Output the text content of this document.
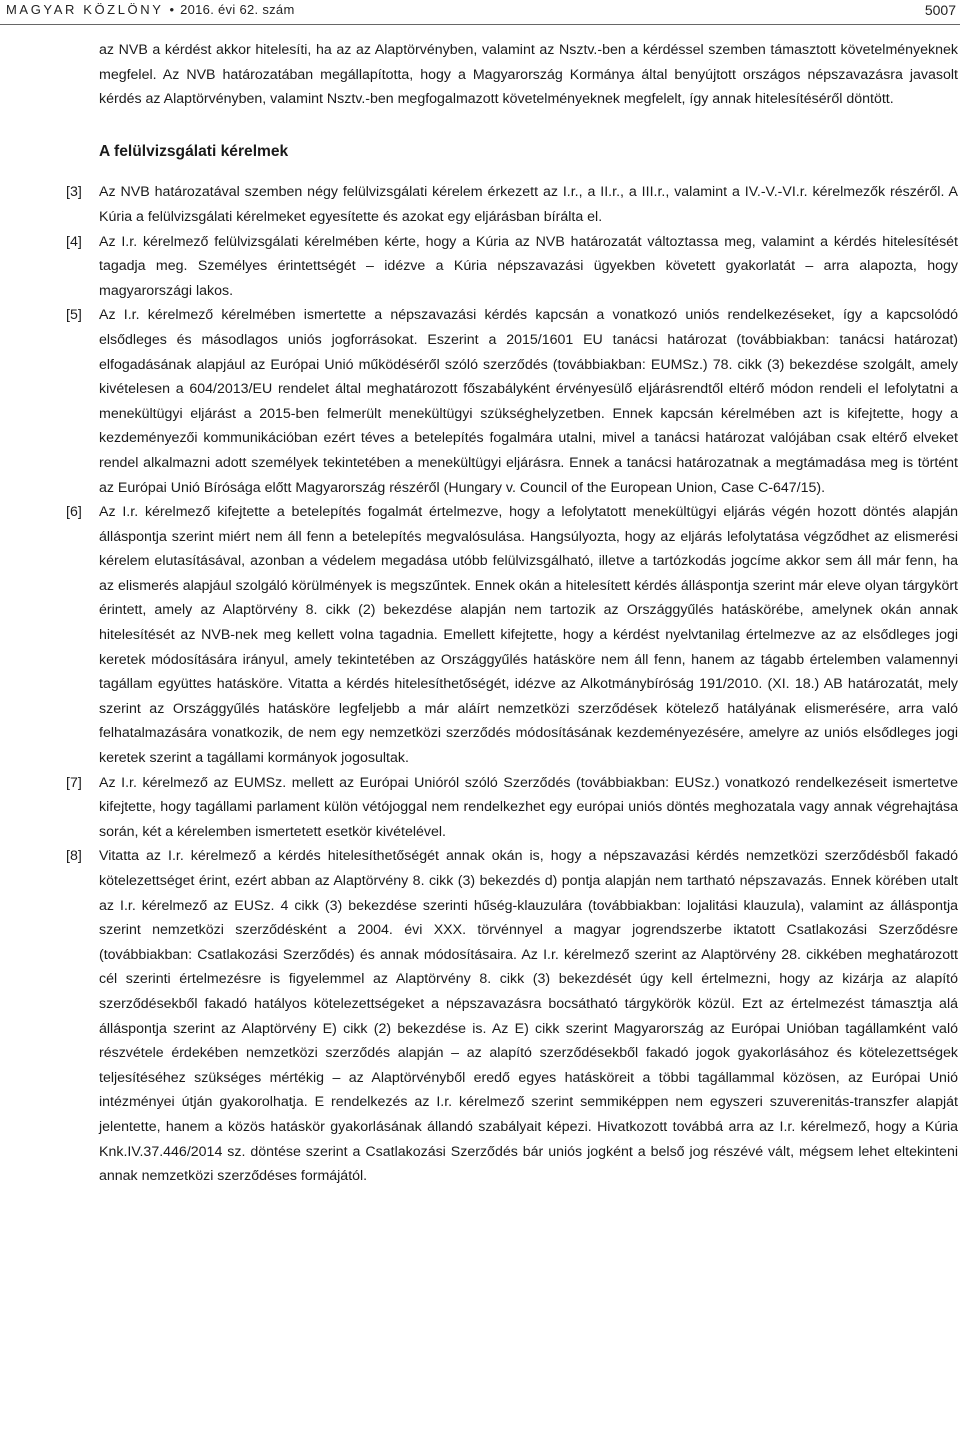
MAGYAR KÖZLÖNY • 2016. évi 62. szám	5007

az NVB a kérdést akkor hitelesíti, ha az az Alaptörvényben, valamint az Nsztv.-ben a kérdéssel szemben támasztott követelményeknek megfelel. Az NVB határozatában megállapította, hogy a Magyarország Kormánya által benyújtott országos népszavazásra javasolt kérdés az Alaptörvényben, valamint Nsztv.-ben megfogalmazott követelményeknek megfelelt, így annak hitelesítéséről döntött.

A felülvizsgálati kérelmek

[3] Az NVB határozatával szemben négy felülvizsgálati kérelem érkezett az I.r., a II.r., a III.r., valamint a IV.-V.-VI.r. kérelmezők részéről. A Kúria a felülvizsgálati kérelmeket egyesítette és azokat egy eljárásban bírálta el.

[4] Az I.r. kérelmező felülvizsgálati kérelmében kérte, hogy a Kúria az NVB határozatát változtassa meg, valamint a kérdés hitelesítését tagadja meg. Személyes érintettségét – idézve a Kúria népszavazási ügyekben követett gyakorlatát – arra alapozta, hogy magyarországi lakos.

[5] Az I.r. kérelmező kérelmében ismertette a népszavazási kérdés kapcsán a vonatkozó uniós rendelkezéseket, így a kapcsolódó elsődleges és másodlagos uniós jogforrásokat. Eszerint a 2015/1601 EU tanácsi határozat (továbbiakban: tanácsi határozat) elfogadásának alapjául az Európai Unió működéséről szóló szerződés (továbbiakban: EUMSz.) 78. cikk (3) bekezdése szolgált, amely kivételesen a 604/2013/EU rendelet által meghatározott főszabályként érvényesülő eljárásrendtől eltérő módon rendeli el lefolytatni a menekültügyi eljárást a 2015-ben felmerült menekültügyi szükséghelyzetben. Ennek kapcsán kérelmében azt is kifejtette, hogy a kezdeményezői kommunikációban ezért téves a betelepítés fogalmára utalni, mivel a tanácsi határozat valójában csak eltérő elveket rendel alkalmazni adott személyek tekintetében a menekültügyi eljárásra. Ennek a tanácsi határozatnak a megtámadása meg is történt az Európai Unió Bírósága előtt Magyarország részéről (Hungary v. Council of the European Union, Case C-647/15).

[6] Az I.r. kérelmező kifejtette a betelepítés fogalmát értelmezve, hogy a lefolytatott menekültügyi eljárás végén hozott döntés alapján álláspontja szerint miért nem áll fenn a betelepítés megvalósulása. Hangsúlyozta, hogy az eljárás lefolytatása végződhet az elismerési kérelem elutasításával, azonban a védelem megadása utóbb felülvizsgálható, illetve a tartózkodás jogcíme akkor sem áll már fenn, ha az elismerés alapjául szolgáló körülmények is megszűntek. Ennek okán a hitelesített kérdés álláspontja szerint már eleve olyan tárgykört érintett, amely az Alaptörvény 8. cikk (2) bekezdése alapján nem tartozik az Országgyűlés hatáskörébe, amelynek okán annak hitelesítését az NVB-nek meg kellett volna tagadnia. Emellett kifejtette, hogy a kérdést nyelvtanilag értelmezve az az elsődleges jogi keretek módosítására irányul, amely tekintetében az Országgyűlés hatásköre nem áll fenn, hanem az tágabb értelemben valamennyi tagállam együttes hatásköre. Vitatta a kérdés hitelesíthetőségét, idézve az Alkotmánybíróság 191/2010. (XI. 18.) AB határozatát, mely szerint az Országgyűlés hatásköre legfeljebb a már aláírt nemzetközi szerződések kötelező hatályának elismerésére, arra való felhatalmazására vonatkozik, de nem egy nemzetközi szerződés módosításának kezdeményezésére, amelyre az uniós elsődleges jogi keretek szerint a tagállami kormányok jogosultak.

[7] Az I.r. kérelmező az EUMSz. mellett az Európai Unióról szóló Szerződés (továbbiakban: EUSz.) vonatkozó rendelkezéseit ismertetve kifejtette, hogy tagállami parlament külön vétójoggal nem rendelkezhet egy európai uniós döntés meghozatala vagy annak végrehajtása során, két a kérelemben ismertetett esetkör kivételével.

[8] Vitatta az I.r. kérelmező a kérdés hitelesíthetőségét annak okán is, hogy a népszavazási kérdés nemzetközi szerződésből fakadó kötelezettséget érint, ezért abban az Alaptörvény 8. cikk (3) bekezdés d) pontja alapján nem tartható népszavazás. Ennek körében utalt az I.r. kérelmező az EUSz. 4 cikk (3) bekezdése szerinti hűség-klauzulára (továbbiakban: lojalitási klauzula), valamint az álláspontja szerint nemzetközi szerződésként a 2004. évi XXX. törvénnyel a magyar jogrendszerbe iktatott Csatlakozási Szerződésre (továbbiakban: Csatlakozási Szerződés) és annak módosításaira. Az I.r. kérelmező szerint az Alaptörvény 28. cikkében meghatározott cél szerinti értelmezésre is figyelemmel az Alaptörvény 8. cikk (3) bekezdését úgy kell értelmezni, hogy az kizárja az alapító szerződésekből fakadó hatályos kötelezettségeket a népszavazásra bocsátható tárgykörök közül. Ezt az értelmezést támasztja alá álláspontja szerint az Alaptörvény E) cikk (2) bekezdése is. Az E) cikk szerint Magyarország az Európai Unióban tagállamként való részvétele érdekében nemzetközi szerződés alapján – az alapító szerződésekből fakadó jogok gyakorlásához és kötelezettségek teljesítéséhez szükséges mértékig – az Alaptörvényből eredő egyes hatásköreit a többi tagállammal közösen, az Európai Unió intézményei útján gyakorolhatja. E rendelkezés az I.r. kérelmező szerint semmiképpen nem egyszeri szuverenitás-transzfer alapját jelentette, hanem a közös hatáskör gyakorlásának állandó szabályait képezi. Hivatkozott továbbá arra az I.r. kérelmező, hogy a Kúria Knk.IV.37.446/2014 sz. döntése szerint a Csatlakozási Szerződés bár uniós jogként a belső jog részévé vált, mégsem lehet eltekinteni annak nemzetközi szerződéses formájától.
